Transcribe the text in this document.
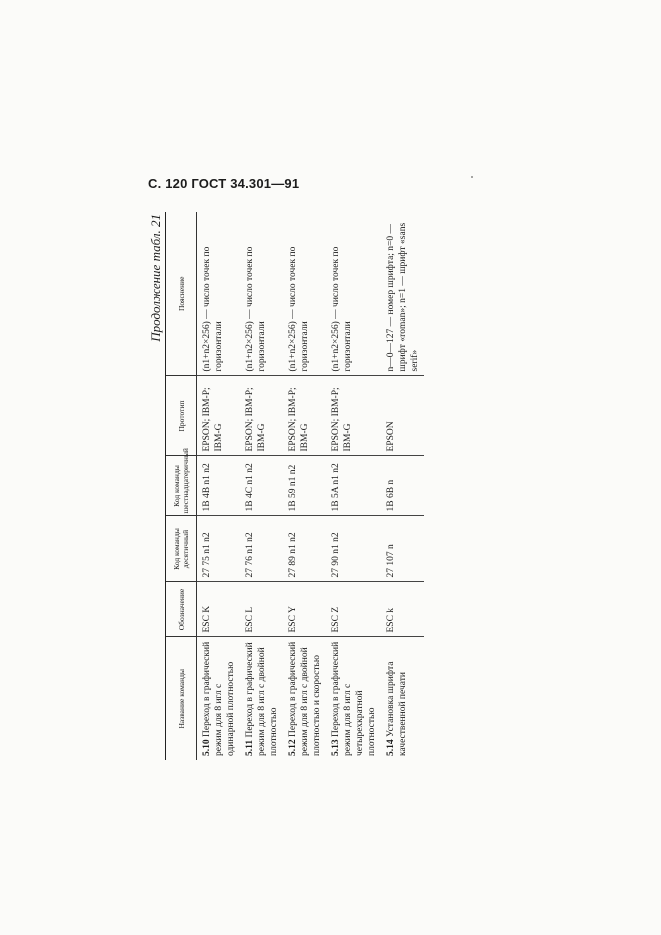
С. 120 ГОСТ 34.301—91
Продолжение табл. 21
Название команды	Обозначение	Код команды десятичный	Код команды шестнадцатеричный	Прототип	Пояснение
5.10 Переход в графический режим для 8 игл с одинарной плотностью	ESC K	27 75 n1 n2	1B 4B n1 n2	EPSON; IBM-P; IBM-G	(n1+n2×256) — число точек по горизонтали
5.11 Переход в графический режим для 8 игл с двойной плотностью	ESC L	27 76 n1 n2	1B 4C n1 n2	EPSON; IBM-P; IBM-G	(n1+n2×256) — число точек по горизонтали
5.12 Переход в графический режим для 8 игл с двойной плотностью и скоростью	ESC Y	27 89 n1 n2	1B 59 n1 n2	EPSON; IBM-P; IBM-G	(n1+n2×256) — число точек по горизонтали
5.13 Переход в графический режим для 8 игл с четырехкратной плотностью	ESC Z	27 90 n1 n2	1B 5A n1 n2	EPSON; IBM-P; IBM-G	(n1+n2×256) — число точек по горизонтали
5.14 Установка шрифта качественной печати	ESC k	27 107 n	1B 6B n	EPSON	n—0—127 — номер шрифта; n=0 — шрифт «roman»; n=1 — шрифт «sans serif»
